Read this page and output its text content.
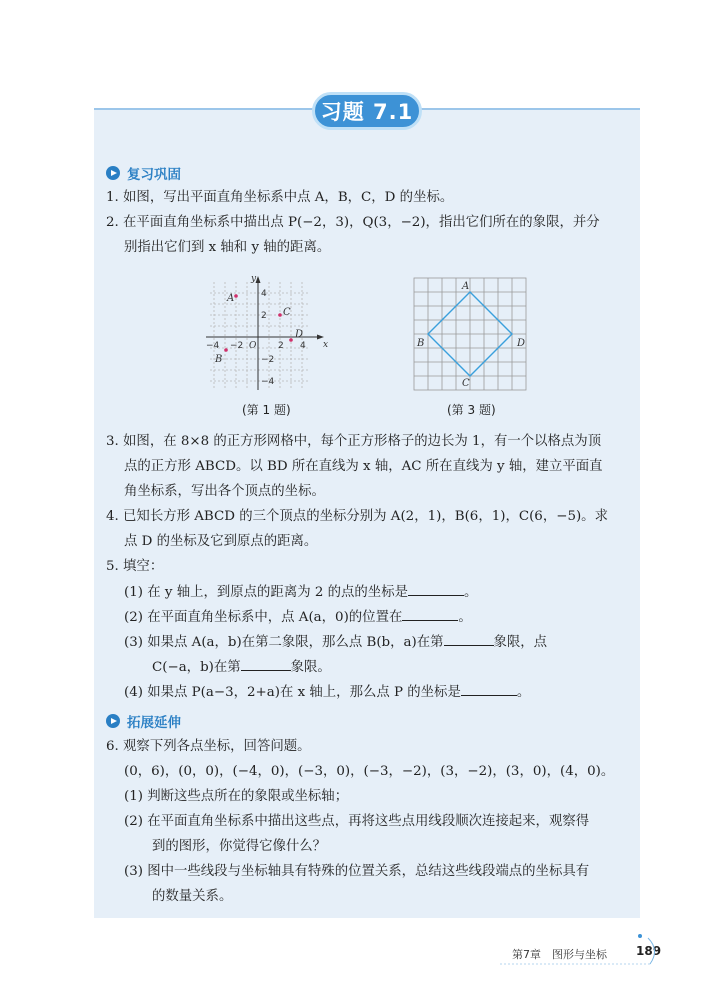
习题 7.1
复习巩固
1. 如图，写出平面直角坐标系中点 A，B，C，D 的坐标。
2. 在平面直角坐标系中描出点 P(−2，3)，Q(3，−2)，指出它们所在的象限，并分
别指出它们到 x 轴和 y 轴的距离。
x
y
O
−4 −2	2 4
4
2
−2
−4
A
B
C
D
(第 1 题)
A
B
C
D
(第 3 题)
3. 如图，在 8×8 的正方形网格中，每个正方形格子的边长为 1，有一个以格点为顶
点的正方形 ABCD。以 BD 所在直线为 x 轴，AC 所在直线为 y 轴，建立平面直
角坐标系，写出各个顶点的坐标。
4. 已知长方形 ABCD 的三个顶点的坐标分别为 A(2，1)，B(6，1)，C(6，−5)。求
点 D 的坐标及它到原点的距离。
5. 填空：
(1) 在 y 轴上，到原点的距离为 2 的点的坐标是	。
(2) 在平面直角坐标系中，点 A(a，0)的位置在	。
(3) 如果点 A(a，b)在第二象限，那么点 B(b，a)在第	象限，点
C(−a，b)在第	象限。
(4) 如果点 P(a−3，2+a)在 x 轴上，那么点 P 的坐标是	。
拓展延伸
6. 观察下列各点坐标，回答问题。
(0，6)，(0，0)，(−4，0)，(−3，0)，(−3，−2)，(3，−2)，(3，0)，(4，0)。
(1) 判断这些点所在的象限或坐标轴；
(2) 在平面直角坐标系中描出这些点，再将这些点用线段顺次连接起来，观察得
到的图形，你觉得它像什么？
(3) 图中一些线段与坐标轴具有特殊的位置关系，总结这些线段端点的坐标具有
的数量关系。
第7章　图形与坐标 189
